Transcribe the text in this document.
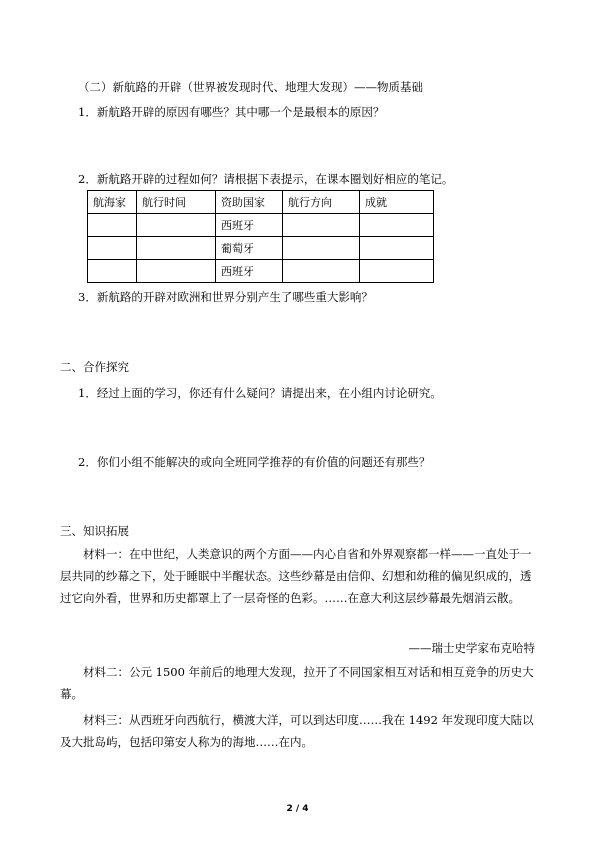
（二）新航路的开辟（世界被发现时代、地理大发现）——物质基础
1．新航路开辟的原因有哪些？其中哪一个是最根本的原因？
2．新航路开辟的过程如何？请根据下表提示，在课本圈划好相应的笔记。
航海家	航行时间	资助国家	航行方向	成就
		西班牙		
		葡萄牙		
		西班牙		
3．新航路的开辟对欧洲和世界分别产生了哪些重大影响？
二、合作探究
1．经过上面的学习，你还有什么疑问？请提出来，在小组内讨论研究。
2．你们小组不能解决的或向全班同学推荐的有价值的问题还有那些？
三、知识拓展
材料一：在中世纪，人类意识的两个方面——内心自省和外界观察都一样——一直处于一层共同的纱幕之下，处于睡眠中半醒状态。这些纱幕是由信仰、幻想和幼稚的偏见织成的，透过它向外看，世界和历史都罩上了一层奇怪的色彩。……在意大利这层纱幕最先烟消云散。
——瑞士史学家布克哈特
材料二：公元 1500 年前后的地理大发现，拉开了不同国家相互对话和相互竞争的历史大幕。
材料三：从西班牙向西航行，横渡大洋，可以到达印度……我在 1492 年发现印度大陆以及大批岛屿，包括印第安人称为的海地……在内。
2 / 4
